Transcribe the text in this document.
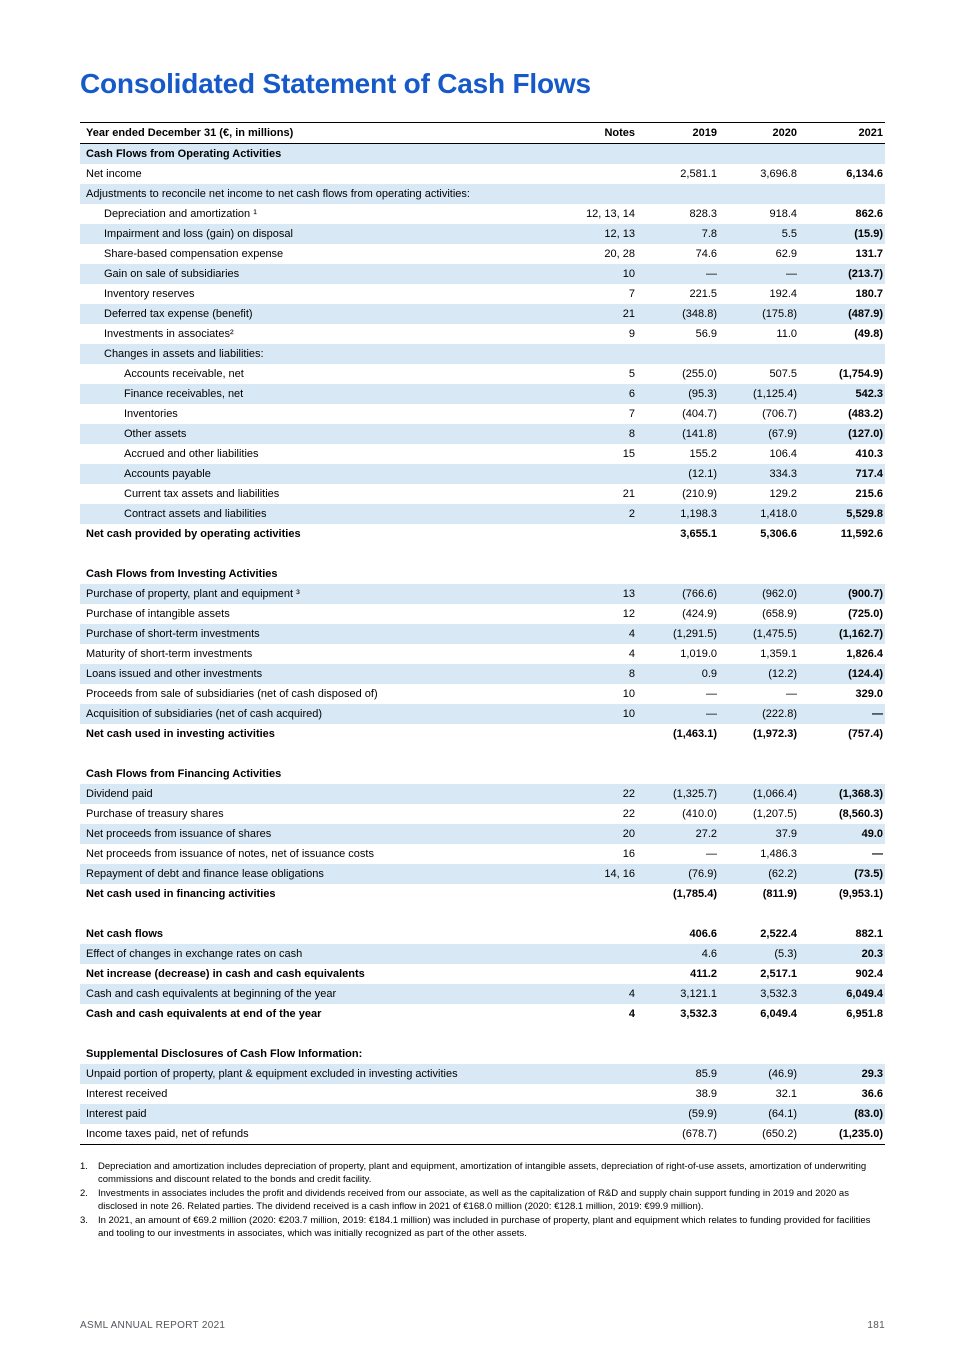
Consolidated Statement of Cash Flows
Year ended December 31 (€, in millions)	Notes	2019	2020	2021
Cash Flows from Operating Activities				
Net income		2,581.1	3,696.8	6,134.6
Adjustments to reconcile net income to net cash flows from operating activities:				
Depreciation and amortization ¹	12, 13, 14	828.3	918.4	862.6
Impairment and loss (gain) on disposal	12, 13	7.8	5.5	(15.9)
Share-based compensation expense	20, 28	74.6	62.9	131.7
Gain on sale of subsidiaries	10	—	—	(213.7)
Inventory reserves	7	221.5	192.4	180.7
Deferred tax expense (benefit)	21	(348.8)	(175.8)	(487.9)
Investments in associates²	9	56.9	11.0	(49.8)
Changes in assets and liabilities:				
Accounts receivable, net	5	(255.0)	507.5	(1,754.9)
Finance receivables, net	6	(95.3)	(1,125.4)	542.3
Inventories	7	(404.7)	(706.7)	(483.2)
Other assets	8	(141.8)	(67.9)	(127.0)
Accrued and other liabilities	15	155.2	106.4	410.3
Accounts payable		(12.1)	334.3	717.4
Current tax assets and liabilities	21	(210.9)	129.2	215.6
Contract assets and liabilities	2	1,198.3	1,418.0	5,529.8
Net cash provided by operating activities		3,655.1	5,306.6	11,592.6

Cash Flows from Investing Activities				
Purchase of property, plant and equipment ³	13	(766.6)	(962.0)	(900.7)
Purchase of intangible assets	12	(424.9)	(658.9)	(725.0)
Purchase of short-term investments	4	(1,291.5)	(1,475.5)	(1,162.7)
Maturity of short-term investments	4	1,019.0	1,359.1	1,826.4
Loans issued and other investments	8	0.9	(12.2)	(124.4)
Proceeds from sale of subsidiaries (net of cash disposed of)	10	—	—	329.0
Acquisition of subsidiaries (net of cash acquired)	10	—	(222.8)	—
Net cash used in investing activities		(1,463.1)	(1,972.3)	(757.4)

Cash Flows from Financing Activities				
Dividend paid	22	(1,325.7)	(1,066.4)	(1,368.3)
Purchase of treasury shares	22	(410.0)	(1,207.5)	(8,560.3)
Net proceeds from issuance of shares	20	27.2	37.9	49.0
Net proceeds from issuance of notes, net of issuance costs	16	—	1,486.3	—
Repayment of debt and finance lease obligations	14, 16	(76.9)	(62.2)	(73.5)
Net cash used in financing activities		(1,785.4)	(811.9)	(9,953.1)

Net cash flows		406.6	2,522.4	882.1
Effect of changes in exchange rates on cash		4.6	(5.3)	20.3
Net increase (decrease) in cash and cash equivalents		411.2	2,517.1	902.4
Cash and cash equivalents at beginning of the year	4	3,121.1	3,532.3	6,049.4
Cash and cash equivalents at end of the year	4	3,532.3	6,049.4	6,951.8

Supplemental Disclosures of Cash Flow Information:				
Unpaid portion of property, plant & equipment excluded in investing activities		85.9	(46.9)	29.3
Interest received		38.9	32.1	36.6
Interest paid		(59.9)	(64.1)	(83.0)
Income taxes paid, net of refunds		(678.7)	(650.2)	(1,235.0)
1.	Depreciation and amortization includes depreciation of property, plant and equipment, amortization of intangible assets, depreciation of right-of-use assets, amortization of underwriting commissions and discount related to the bonds and credit facility.
2.	Investments in associates includes the profit and dividends received from our associate, as well as the capitalization of R&D and supply chain support funding in 2019 and 2020 as disclosed in note 26. Related parties. The dividend received is a cash inflow in 2021 of €168.0 million (2020: €128.1 million, 2019: €99.9 million).
3.	In 2021, an amount of €69.2 million (2020: €203.7 million, 2019: €184.1 million) was included in purchase of property, plant and equipment which relates to funding provided for facilities and tooling to our investments in associates, which was initially recognized as part of the other assets.
ASML ANNUAL REPORT 2021	181
